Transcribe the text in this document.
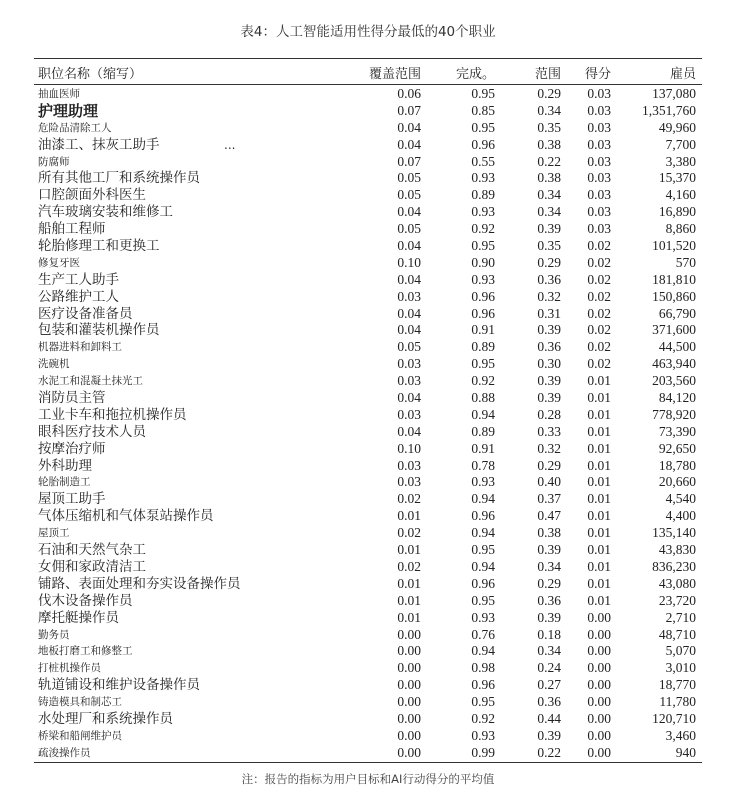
表4：人工智能适用性得分最低的40个职业
职位名称（缩写）	覆盖范围	完成。	范围 得分	雇员
抽血医师	0.06	0.95	0.29 0.03	137,080
护理助理	0.07	0.85	0.34 0.03 1,351,760
危险品清除工人	0.04	0.95	0.35 0.03	49,960
油漆工、抹灰工助手	...	0.04	0.96	0.38 0.03	7,700
防腐师	0.07	0.55	0.22 0.03	3,380
所有其他工厂和系统操作员	0.05	0.93	0.38 0.03	15,370
口腔颌面外科医生	0.05	0.89	0.34 0.03	4,160
汽车玻璃安装和维修工	0.04	0.93	0.34 0.03	16,890
船舶工程师	0.05	0.92	0.39 0.03	8,860
轮胎修理工和更换工	0.04	0.95	0.35 0.02	101,520
修复牙医	0.10	0.90	0.29 0.02	570
生产工人助手	0.04	0.93	0.36 0.02	181,810
公路维护工人	0.03	0.96	0.32 0.02	150,860
医疗设备准备员	0.04	0.96	0.31 0.02	66,790
包装和灌装机操作员	0.04	0.91	0.39 0.02	371,600
机器进料和卸料工	0.05	0.89	0.36 0.02	44,500
洗碗机	0.03	0.95	0.30 0.02	463,940
水泥工和混凝土抹光工	0.03	0.92	0.39 0.01	203,560
消防员主管	0.04	0.88	0.39 0.01	84,120
工业卡车和拖拉机操作员	0.03	0.94	0.28 0.01	778,920
眼科医疗技术人员	0.04	0.89	0.33 0.01	73,390
按摩治疗师	0.10	0.91	0.32 0.01	92,650
外科助理	0.03	0.78	0.29 0.01	18,780
轮胎制造工	0.03	0.93	0.40 0.01	20,660
屋顶工助手	0.02	0.94	0.37 0.01	4,540
气体压缩机和气体泵站操作员	0.01	0.96	0.47 0.01	4,400
屋顶工	0.02	0.94	0.38 0.01	135,140
石油和天然气杂工	0.01	0.95	0.39 0.01	43,830
女佣和家政清洁工	0.02	0.94	0.34 0.01	836,230
铺路、表面处理和夯实设备操作员	0.01	0.96	0.29 0.01	43,080
伐木设备操作员	0.01	0.95	0.36 0.01	23,720
摩托艇操作员	0.01	0.93	0.39 0.00	2,710
勤务员	0.00	0.76	0.18 0.00	48,710
地板打磨工和修整工	0.00	0.94	0.34 0.00	5,070
打桩机操作员	0.00	0.98	0.24 0.00	3,010
轨道铺设和维护设备操作员	0.00	0.96	0.27 0.00	18,770
铸造模具和制芯工	0.00	0.95	0.36 0.00	11,780
水处理厂和系统操作员	0.00	0.92	0.44 0.00	120,710
桥梁和船闸维护员	0.00	0.93	0.39 0.00	3,460
疏浚操作员	0.00	0.99	0.22 0.00	940
注：报告的指标为用户目标和AI行动得分的平均值
